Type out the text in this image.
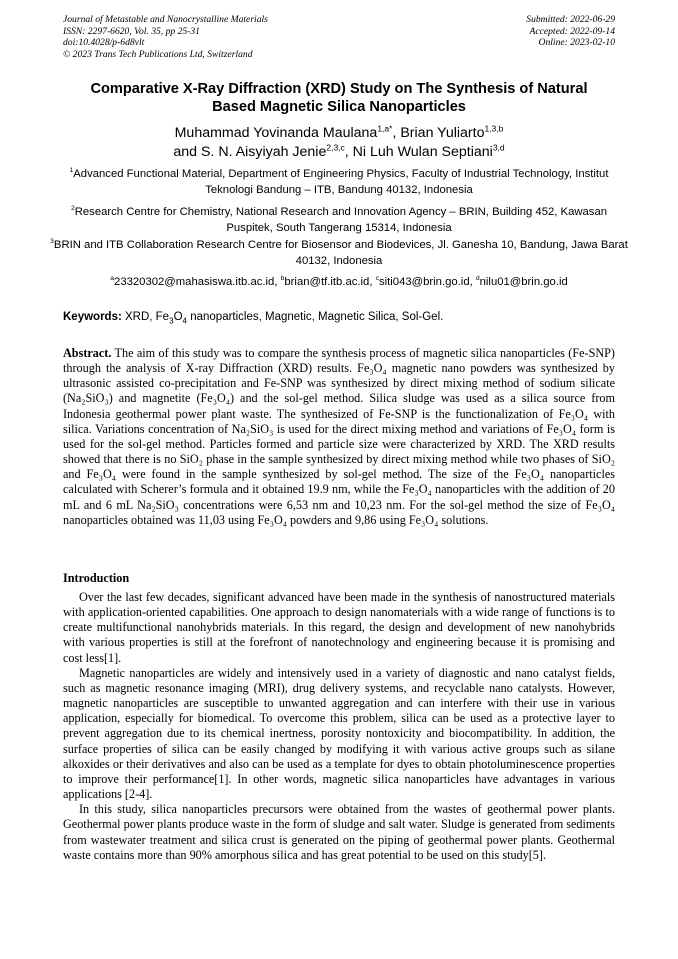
Journal of Metastable and Nanocrystalline Materials
ISSN: 2297-6620, Vol. 35, pp 25-31
doi:10.4028/p-6d8vlt
© 2023 Trans Tech Publications Ltd, Switzerland
Submitted: 2022-06-29
Accepted: 2022-09-14
Online: 2023-02-10
Comparative X-Ray Diffraction (XRD) Study on The Synthesis of Natural
Based Magnetic Silica Nanoparticles
Muhammad Yovinanda Maulana$^{1,a*}$, Brian Yuliarto$^{1,3,b}$
and S. N. Aisyiyah Jenie$^{2,3,c}$, Ni Luh Wulan Septiani$^{3,d}$
$^1$Advanced Functional Material, Department of Engineering Physics, Faculty of Industrial Technology, Institut Teknologi Bandung – ITB, Bandung 40132, Indonesia
$^2$Research Centre for Chemistry, National Research and Innovation Agency – BRIN, Building 452, Kawasan Puspitek, South Tangerang 15314, Indonesia
$^3$BRIN and ITB Collaboration Research Centre for Biosensor and Biodevices, Jl. Ganesha 10, Bandung, Jawa Barat 40132, Indonesia
$^a$23320302@mahasiswa.itb.ac.id, $^b$brian@tf.itb.ac.id, $^c$siti043@brin.go.id, $^d$nilu01@brin.go.id
Keywords: XRD, $Fe_3O_4$ nanoparticles, Magnetic, Magnetic Silica, Sol-Gel.
Abstract. The aim of this study was to compare the synthesis process of magnetic silica nanoparticles (Fe-SNP) through the analysis of X-ray Diffraction (XRD) results. Fe₃O₄ magnetic nano powders was synthesized by ultrasonic assisted co-precipitation and Fe-SNP was synthesized by direct mixing method of sodium silicate (Na₂SiO₃) and magnetite (Fe₃O₄) and the sol-gel method. Silica sludge was used as a silica source from Indonesia geothermal power plant waste. The synthesized of Fe-SNP is the functionalization of Fe₃O₄ with silica. Variations concentration of Na₂SiO₃ is used for the direct mixing method and variations of Fe₃O₄ form is used for the sol-gel method. Particles formed and particle size were characterized by XRD. The XRD results showed that there is no SiO₂ phase in the sample synthesized by direct mixing method while two phases of SiO₂ and Fe₃O₄ were found in the sample synthesized by sol-gel method. The size of the Fe₃O₄ nanoparticles calculated with Scherer’s formula and it obtained 19.9 nm, while the Fe₃O₄ nanoparticles with the addition of 20 mL and 6 mL Na₂SiO₃ concentrations were 6,53 nm and 10,23 nm. For the sol-gel method the size of Fe₃O₄ nanoparticles obtained was 11,03 using Fe₃O₄ powders and 9,86 using Fe₃O₄ solutions.
Introduction

Over the last few decades, significant advanced have been made in the synthesis of nanostructured materials with application-oriented capabilities. One approach to design nanomaterials with a wide range of functions is to create multifunctional nanohybrids materials. In this regard, the design and development of new nanohybrids with various properties is still at the forefront of nanotechnology and engineering because it is promising and cost less[1].

Magnetic nanoparticles are widely and intensively used in a variety of diagnostic and nano catalyst fields, such as magnetic resonance imaging (MRI), drug delivery systems, and recyclable nano catalysts. However, magnetic nanoparticles are susceptible to unwanted aggregation and can interfere with their use in various application, especially for biomedical. To overcome this problem, silica can be used as a protective layer to prevent aggregation due to its chemical inertness, porosity nontoxicity and biocompatibility. In addition, the surface properties of silica can be easily changed by modifying it with various active groups such as silane alkoxides or their derivatives and also can be used as a template for dyes to obtain photoluminescence properties to improve their performance[1]. In other words, magnetic silica nanoparticles have advantages in various applications [2-4].

In this study, silica nanoparticles precursors were obtained from the wastes of geothermal power plants. Geothermal power plants produce waste in the form of sludge and salt water. Sludge is generated from sediments from wastewater treatment and silica crust is generated on the piping of geothermal power plants. Geothermal waste contains more than 90% amorphous silica and has great potential to be used on this study[5].
